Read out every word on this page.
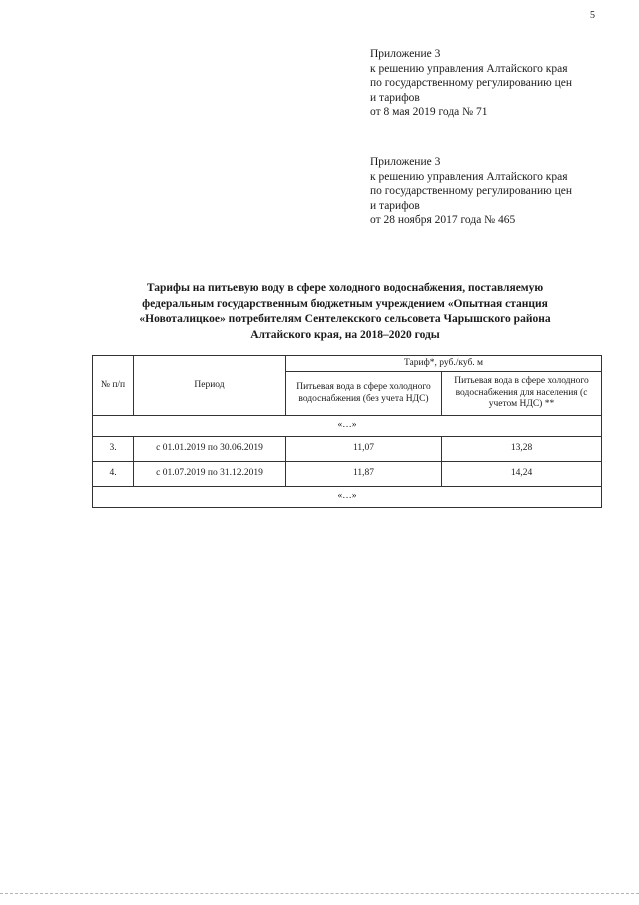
5
Приложение 3
к решению управления Алтайского края
по государственному регулированию цен
и тарифов
от 8 мая 2019 года № 71
Приложение 3
к решению управления Алтайского края
по государственному регулированию цен
и тарифов
от 28 ноября 2017 года № 465
Тарифы на питьевую воду в сфере холодного водоснабжения, поставляемую
федеральным государственным бюджетным учреждением «Опытная станция
«Новоталицкое» потребителям Сентелекского сельсовета Чарышского района
Алтайского края, на 2018–2020 годы
№ п/п	Период	Тариф*, руб./куб. м	
		Питьевая вода в сфере холодного водоснабжения (без учета НДС)	Питьевая вода в сфере холодного водоснабжения для населения (с учетом НДС) **
«…»			
3.	с 01.01.2019 по 30.06.2019	11,07	13,28
4.	с 01.07.2019 по 31.12.2019	11,87	14,24
«…»			
